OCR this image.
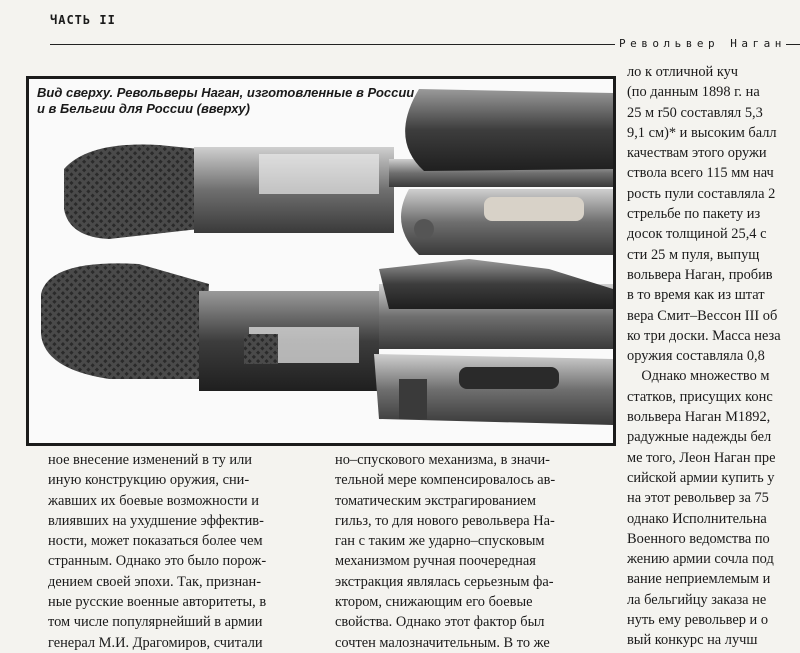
ЧАСТЬ II
Револьвер Наган
Вид сверху. Револьверы Наган, изготовленные в России
и в Бельгии для России (вверху)
ное внесение изменений в ту или
иную конструкцию оружия, сни-
жавших их боевые возможности и
влиявших на ухудшение эффектив-
ности, может показаться более чем
странным. Однако это было порож-
дением своей эпохи. Так, признан-
ные русские военные авторитеты, в
том числе популярнейший в армии
генерал М.И. Драгомиров, считали
но–спускового механизма, в значи-
тельной мере компенсировалось ав-
томатическим экстрагированием
гильз, то для нового револьвера На-
ган с таким же ударно–спусковым
механизмом ручная поочередная
экстракция являлась серьезным фа-
ктором, снижающим его боевые
свойства. Однако этот фактор был
сочтен малозначительным. В то же
ло к отличной куч
(по данным 1898 г. на
25 м r50 составлял 5,3
9,1 см)* и высоким балл
качествам этого оружи
ствола всего 115 мм нач
рость пули составляла 2
стрельбе по пакету из
досок толщиной 25,4 с
сти 25 м пуля, выпущ
вольвера Наган, пробив
в то время как из штат
вера Смит–Вессон III об
ко три доски. Масса неза
оружия составляла 0,8
Однако множество м
статков, присущих конс
вольвера Наган М1892,
радужные надежды бел
ме того, Леон Наган пре
сийской армии купить у
на этот револьвер за 75
однако Исполнительна
Военного ведомства по
жению армии сочла под
вание неприемлемым и
ла бельгийцу заказа не
нуть ему револьвер и о
вый конкурс на лучш
